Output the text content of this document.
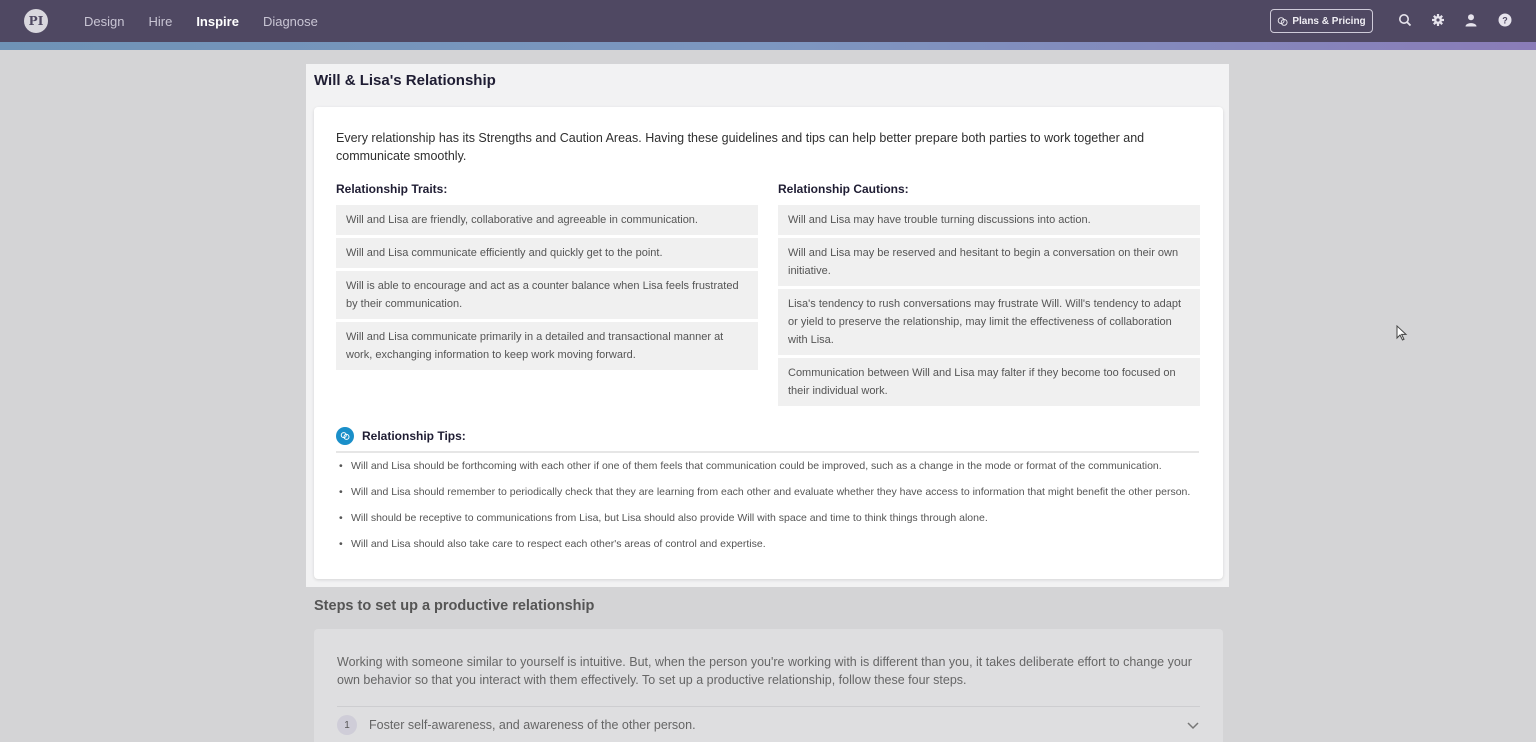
PI	Design Hire Inspire Diagnose	Plans & Pricing	?
Will & Lisa's Relationship

Every relationship has its Strengths and Caution Areas. Having these guidelines and tips can help better prepare both parties to work together and communicate smoothly.

Relationship Traits:
Will and Lisa are friendly, collaborative and agreeable in communication.
Will and Lisa communicate efficiently and quickly get to the point.
Will is able to encourage and act as a counter balance when Lisa feels frustrated by their communication.
Will and Lisa communicate primarily in a detailed and transactional manner at work, exchanging information to keep work moving forward.
Relationship Cautions:
Will and Lisa may have trouble turning discussions into action.
Will and Lisa may be reserved and hesitant to begin a conversation on their own initiative.
Lisa's tendency to rush conversations may frustrate Will. Will's tendency to adapt or yield to preserve the relationship, may limit the effectiveness of collaboration with Lisa.
Communication between Will and Lisa may falter if they become too focused on their individual work.
Relationship Tips:
• Will and Lisa should be forthcoming with each other if one of them feels that communication could be improved, such as a change in the mode or format of the communication.
• Will and Lisa should remember to periodically check that they are learning from each other and evaluate whether they have access to information that might benefit the other person.
• Will should be receptive to communications from Lisa, but Lisa should also provide Will with space and time to think things through alone.
• Will and Lisa should also take care to respect each other's areas of control and expertise.
Steps to set up a productive relationship

Working with someone similar to yourself is intuitive. But, when the person you're working with is different than you, it takes deliberate effort to change your own behavior so that you interact with them effectively. To set up a productive relationship, follow these four steps.

1	Foster self-awareness, and awareness of the other person.
